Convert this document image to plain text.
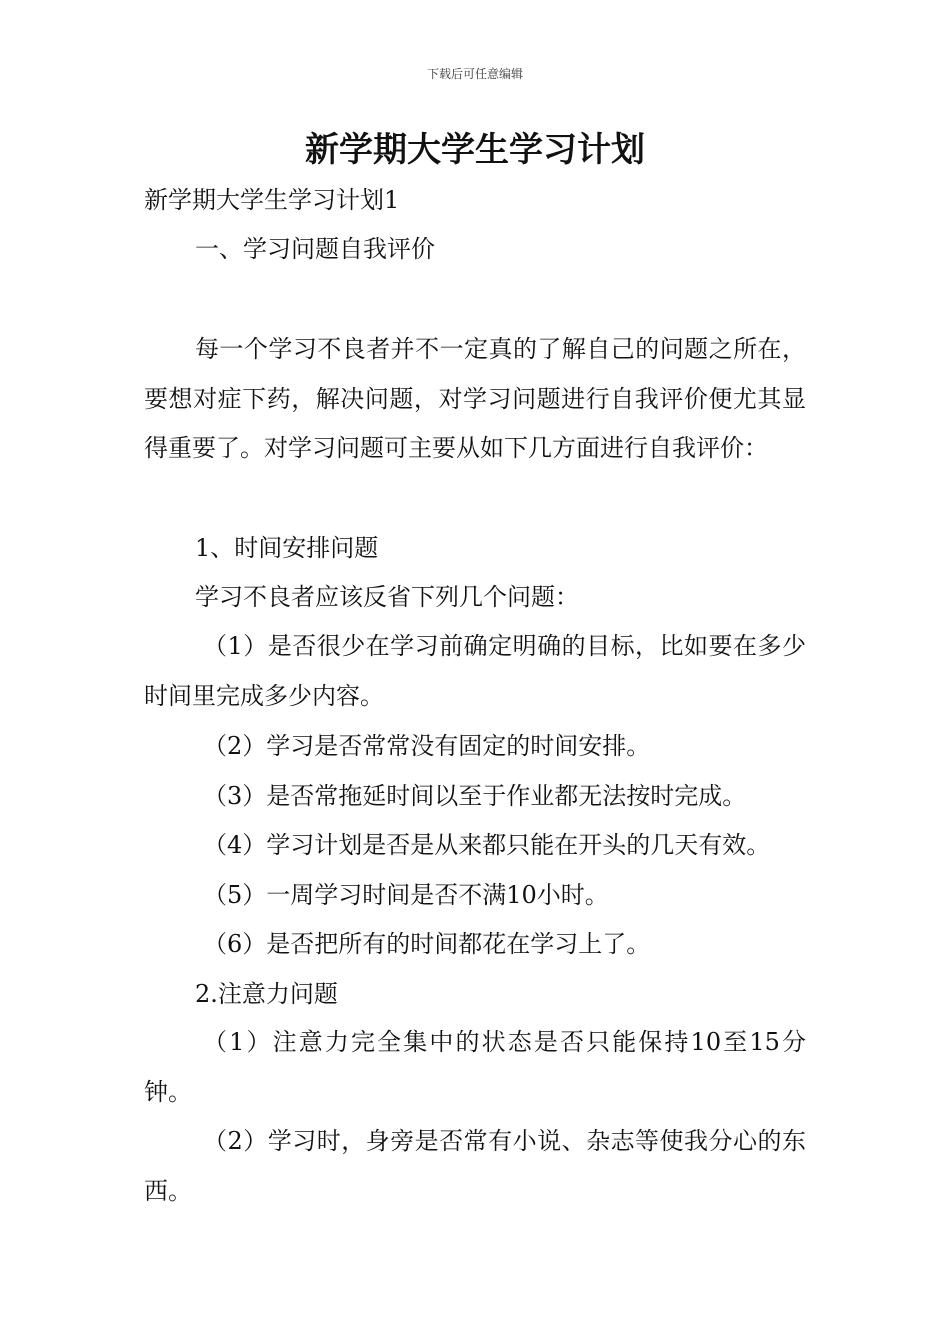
下载后可任意编辑
新学期大学生学习计划
新学期大学生学习计划1
一、学习问题自我评价

每一个学习不良者并不一定真的了解自己的问题之所在，要想对症下药，解决问题，对学习问题进行自我评价便尤其显得重要了。对学习问题可主要从如下几方面进行自我评价：

1、时间安排问题
学习不良者应该反省下列几个问题：

（1）是否很少在学习前确定明确的目标，比如要在多少时间里完成多少内容。

（2）学习是否常常没有固定的时间安排。
（3）是否常拖延时间以至于作业都无法按时完成。
（4）学习计划是否是从来都只能在开头的几天有效。
（5）一周学习时间是否不满10小时。
（6）是否把所有的时间都花在学习上了。
2.注意力问题

（1）注意力完全集中的状态是否只能保持10至15分钟。

（2）学习时，身旁是否常有小说、杂志等使我分心的东西。
